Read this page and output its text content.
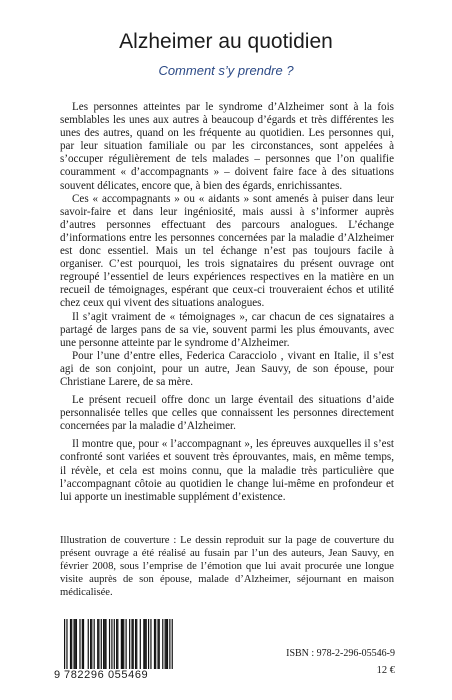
Alzheimer au quotidien
Comment s’y prendre ?

Les personnes atteintes par le syndrome d’Alzheimer sont à la fois semblables les unes aux autres à beaucoup d’égards et très différentes les unes des autres, quand on les fréquente au quotidien. Les personnes qui, par leur situation familiale ou par les circonstances, sont appelées à s’occuper régulièrement de tels malades – personnes que l’on qualifie couramment « d’accompagnants » – doivent faire face à des situations souvent délicates, encore que, à bien des égards, enrichissantes.

Ces « accompagnants » ou « aidants » sont amenés à puiser dans leur savoir-faire et dans leur ingéniosité, mais aussi à s’informer auprès d’autres personnes effectuant des parcours analogues. L’échange d’informations entre les personnes concernées par la maladie d’Alzheimer est donc essentiel. Mais un tel échange n’est pas toujours facile à organiser. C’est pourquoi, les trois signataires du présent ouvrage ont regroupé l’essentiel de leurs expériences respectives en la matière en un recueil de témoignages, espérant que ceux-ci trouveraient échos et utilité chez ceux qui vivent des situations analogues.

Il s’agit vraiment de « témoignages », car chacun de ces signataires a partagé de larges pans de sa vie, souvent parmi les plus émouvants, avec une personne atteinte par le syndrome d’Alzheimer.

Pour l’une d’entre elles, Federica Caracciolo , vivant en Italie, il s’est agi de son conjoint, pour un autre, Jean Sauvy, de son épouse, pour Christiane Larere, de sa mère.

Le présent recueil offre donc un large éventail des situations d’aide personnalisée telles que celles que connaissent les personnes directement concernées par la maladie d’Alzheimer.

Il montre que, pour « l’accompagnant », les épreuves auxquelles il s’est confronté sont variées et souvent très éprouvantes, mais, en même temps, il révèle, et cela est moins connu, que la maladie très particulière que l’accompagnant côtoie au quotidien le change lui-même en profondeur et lui apporte un inestimable supplément d’existence.

Illustration de couverture : Le dessin reproduit sur la page de couverture du présent ouvrage a été réalisé au fusain par l’un des auteurs, Jean Sauvy, en février 2008, sous l’emprise de l’émotion que lui avait procurée une longue visite auprès de son épouse, malade d’Alzheimer, séjournant en maison médicalisée.

9 782296 055469
ISBN : 978-2-296-05546-9
12 €
